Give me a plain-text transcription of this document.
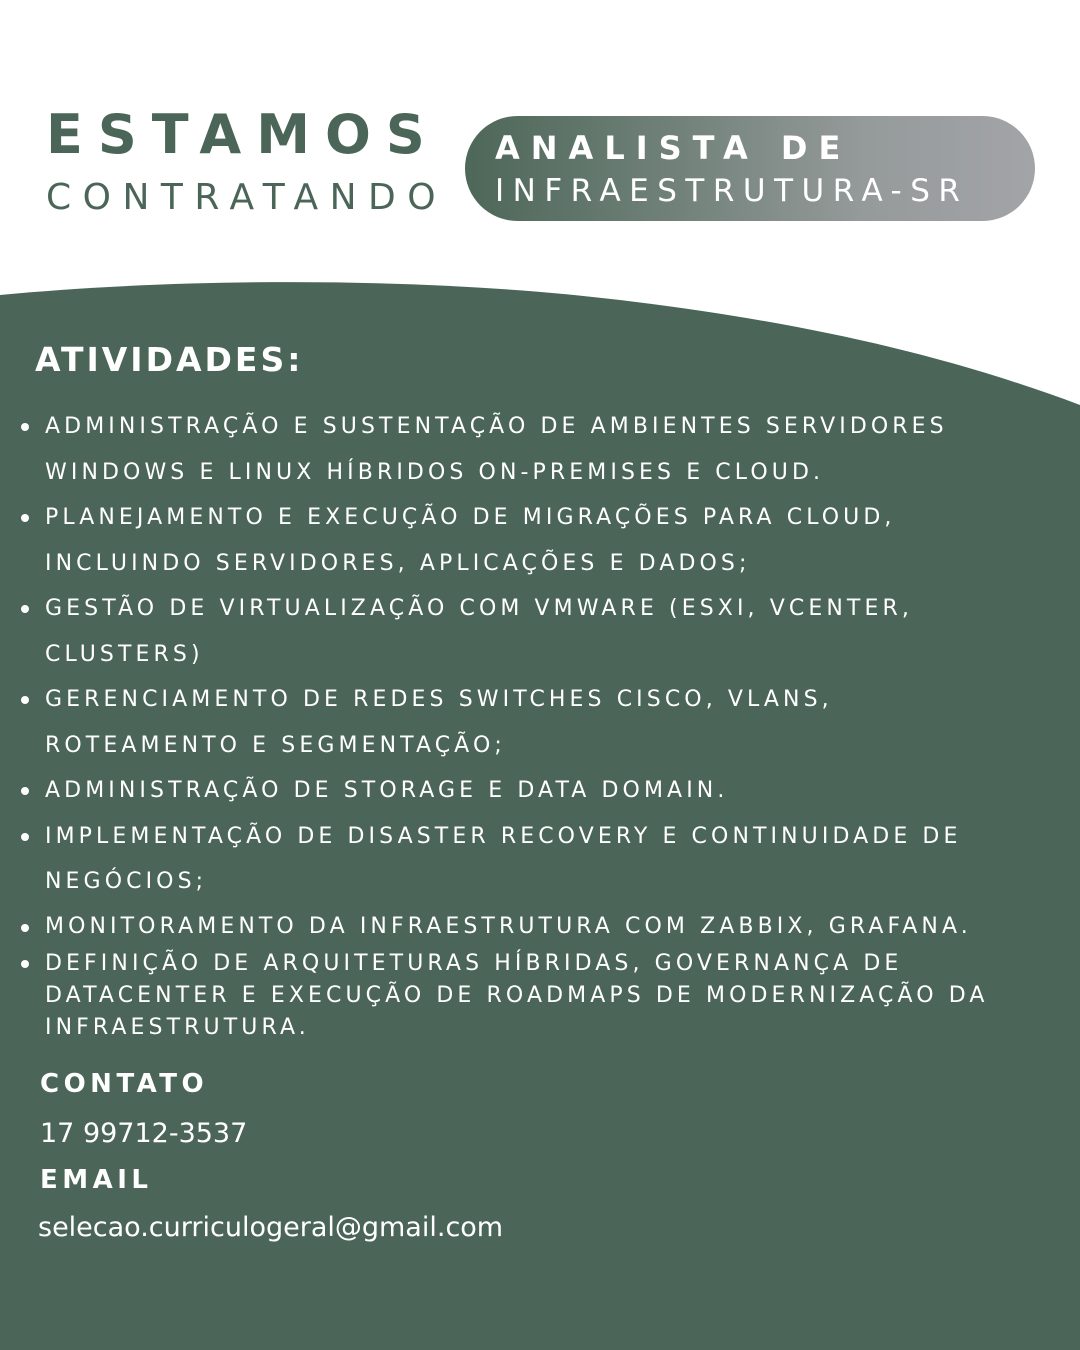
ESTAMOS
CONTRATANDO
ANALISTA DE
INFRAESTRUTURA-SR
ATIVIDADES:
ADMINISTRAÇÃO E SUSTENTAÇÃO DE AMBIENTES SERVIDORES
WINDOWS E LINUX HÍBRIDOS ON-PREMISES E CLOUD.
PLANEJAMENTO E EXECUÇÃO DE MIGRAÇÕES PARA CLOUD,
INCLUINDO SERVIDORES, APLICAÇÕES E DADOS;
GESTÃO DE VIRTUALIZAÇÃO COM VMWARE (ESXI, VCENTER,
CLUSTERS)
GERENCIAMENTO DE REDES SWITCHES CISCO, VLANS,
ROTEAMENTO E SEGMENTAÇÃO;
ADMINISTRAÇÃO DE STORAGE E DATA DOMAIN.
IMPLEMENTAÇÃO DE DISASTER RECOVERY E CONTINUIDADE DE
NEGÓCIOS;
MONITORAMENTO DA INFRAESTRUTURA COM ZABBIX, GRAFANA.
DEFINIÇÃO DE ARQUITETURAS HÍBRIDAS, GOVERNANÇA DE
DATACENTER E EXECUÇÃO DE ROADMAPS DE MODERNIZAÇÃO DA
INFRAESTRUTURA.
CONTATO
17 99712-3537
EMAIL
selecao.curriculogeral@gmail.com
